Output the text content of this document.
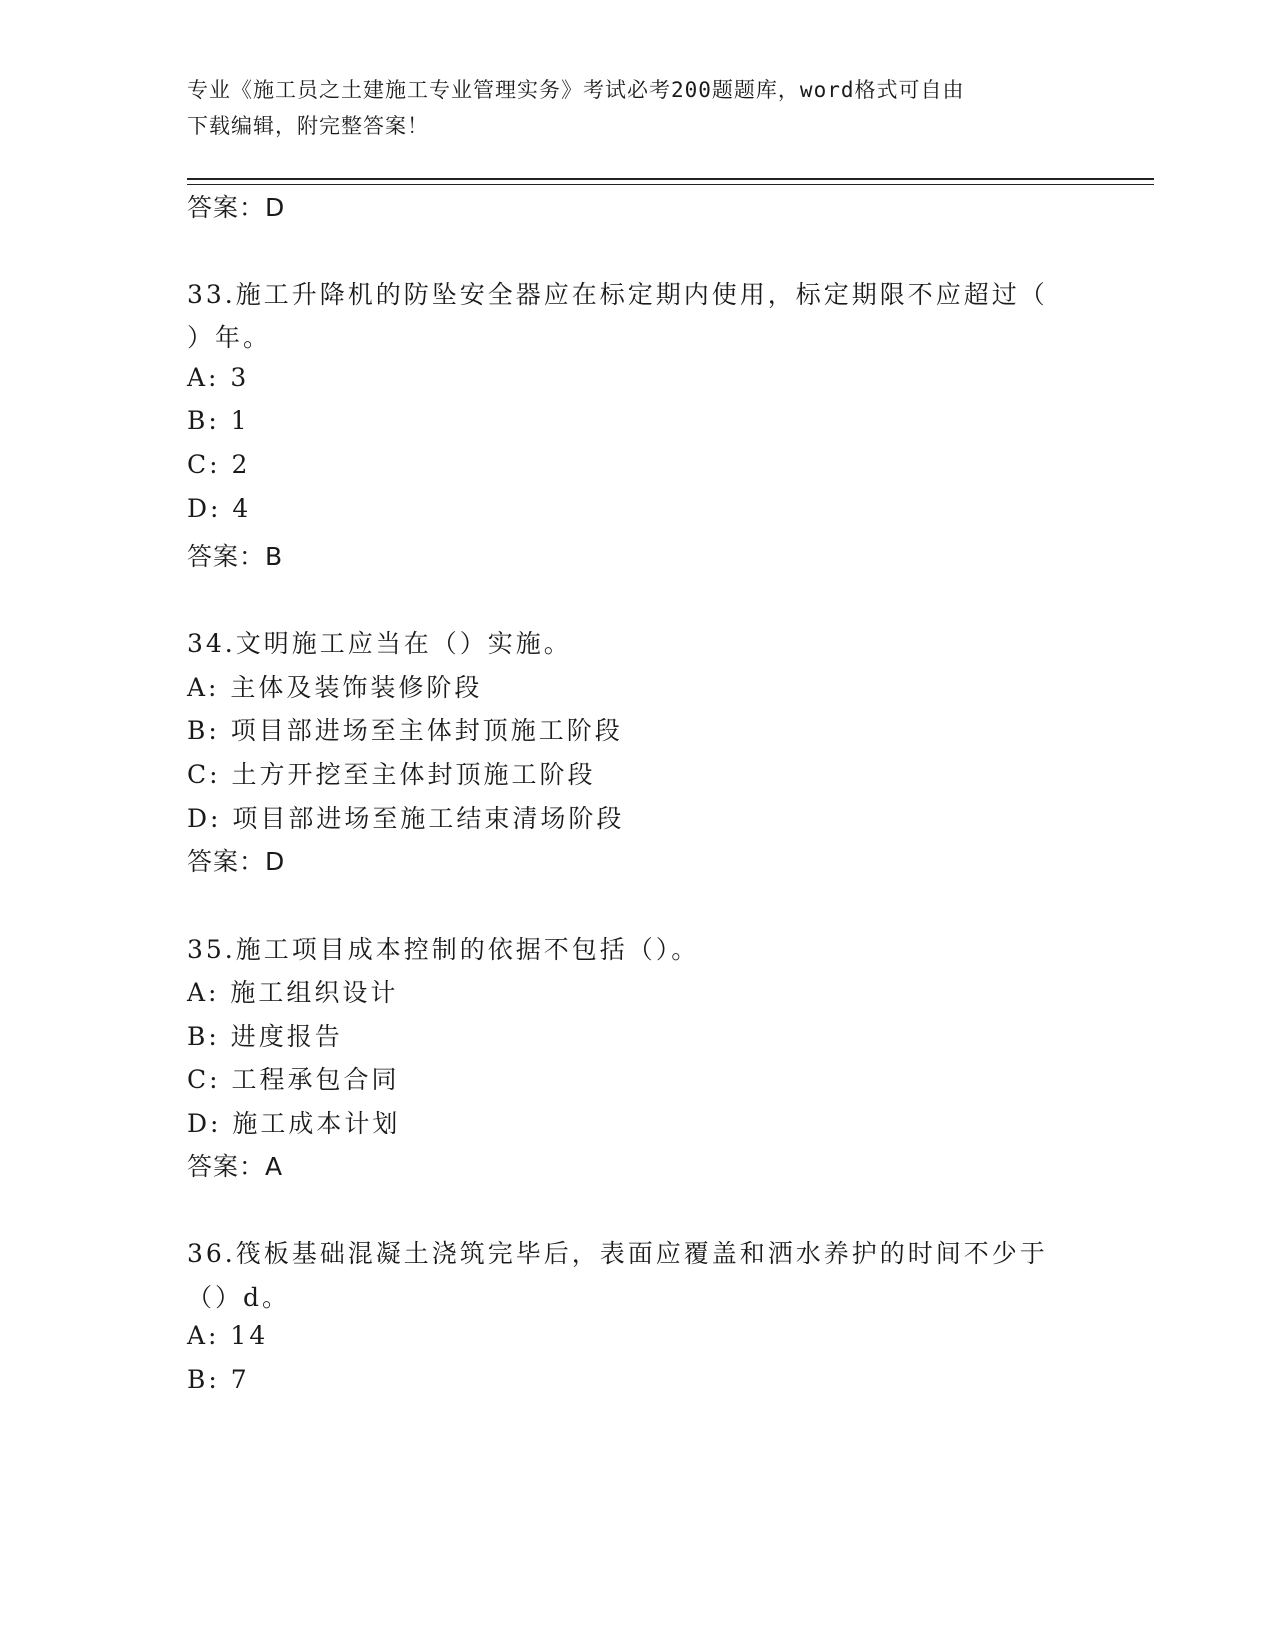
专业《施工员之土建施工专业管理实务》考试必考200题题库，word格式可自由
下载编辑，附完整答案！
答案：D
33.施工升降机的防坠安全器应在标定期内使用，标定期限不应超过（
）年。
A: 3
B: 1
C: 2
D: 4
答案：B
34.文明施工应当在（）实施。
A: 主体及装饰装修阶段
B: 项目部进场至主体封顶施工阶段
C: 土方开挖至主体封顶施工阶段
D: 项目部进场至施工结束清场阶段
答案：D
35.施工项目成本控制的依据不包括（）。
A: 施工组织设计
B: 进度报告
C: 工程承包合同
D: 施工成本计划
答案：A
36.筏板基础混凝土浇筑完毕后，表面应覆盖和洒水养护的时间不少于
（）d。
A: 14
B: 7
